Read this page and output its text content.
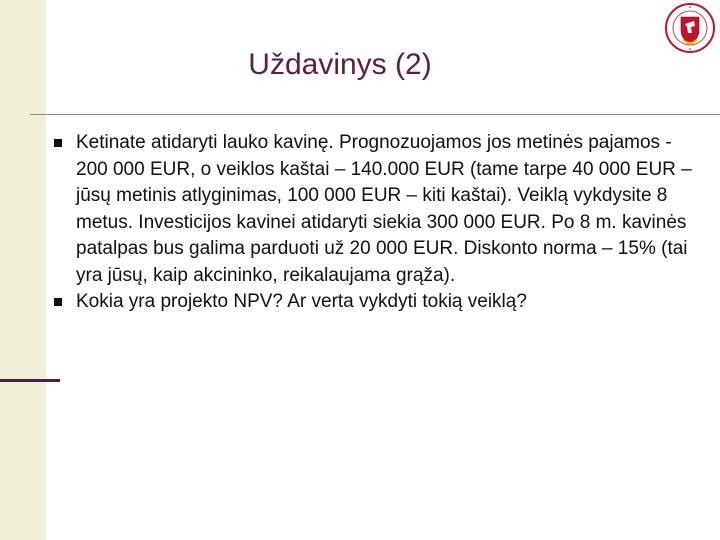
Uždavinys (2)
Ketinate atidaryti lauko kavinę. Prognozuojamos jos metinės pajamos - 200 000 EUR, o veiklos kaštai – 140.000 EUR (tame tarpe 40 000 EUR – jūsų metinis atlyginimas, 100 000 EUR – kiti kaštai). Veiklą vykdysite 8 metus. Investicijos kavinei atidaryti siekia 300 000 EUR. Po 8 m. kavinės patalpas bus galima parduoti už 20 000 EUR. Diskonto norma – 15% (tai yra jūsų, kaip akcininko, reikalaujama grąža).
Kokia yra projekto NPV? Ar verta vykdyti tokią veiklą?
